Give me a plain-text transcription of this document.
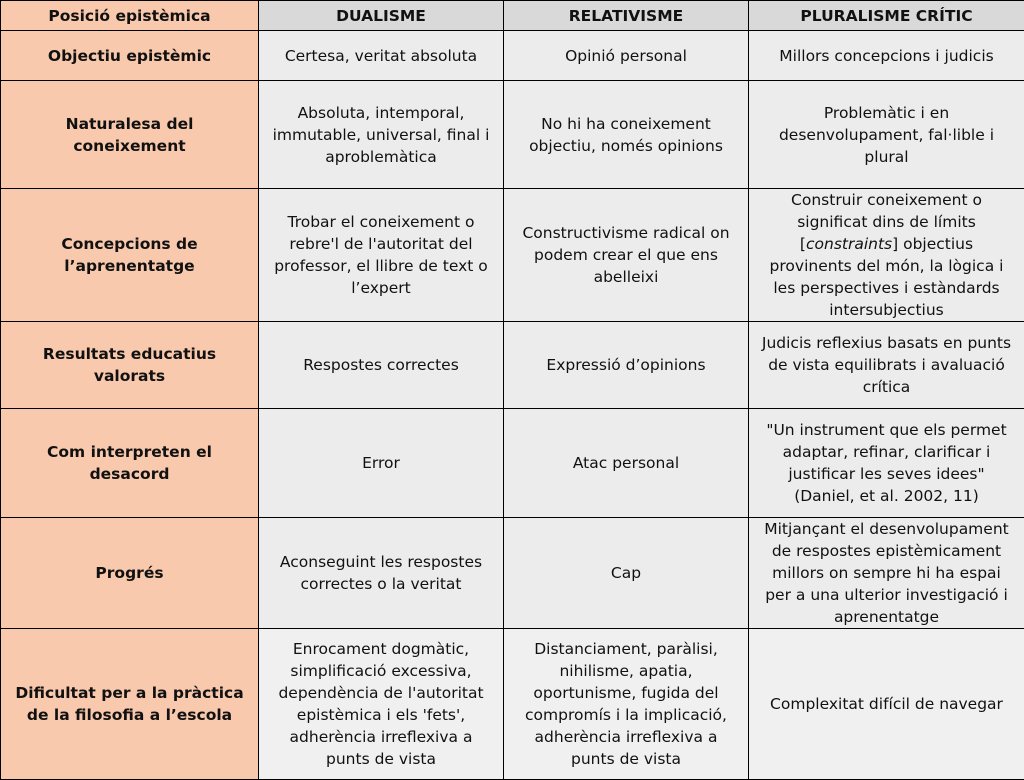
Posició epistèmica	DUALISME	RELATIVISME	PLURALISME CRÍTIC
Objectiu epistèmic	Certesa, veritat absoluta	Opinió personal	Millors concepcions i judicis
Naturalesa del coneixement	Absoluta, intemporal, immutable, universal, final i aproblemàtica	No hi ha coneixement objectiu, només opinions	Problemàtic i en desenvolupament, fal·lible i plural
Concepcions de l’aprenentatge	Trobar el coneixement o rebre'l de l'autoritat del professor, el llibre de text o l’expert	Constructivisme radical on podem crear el que ens abelleixi	Construir coneixement o significat dins de límits [constraints] objectius provinents del món, la lògica i les perspectives i estàndards intersubjectius
Resultats educatius valorats	Respostes correctes	Expressió d’opinions	Judicis reflexius basats en punts de vista equilibrats i avaluació crítica
Com interpreten el desacord	Error	Atac personal	"Un instrument que els permet adaptar, refinar, clarificar i justificar les seves idees" (Daniel, et al. 2002, 11)
Progrés	Aconseguint les respostes correctes o la veritat	Cap	Mitjançant el desenvolupament de respostes epistèmicament millors on sempre hi ha espai per a una ulterior investigació i aprenentatge
Dificultat per a la pràctica de la filosofia a l’escola	Enrocament dogmàtic, simplificació excessiva, dependència de l'autoritat epistèmica i els 'fets', adherència irreflexiva a punts de vista	Distanciament, paràlisi, nihilisme, apatia, oportunisme, fugida del compromís i la implicació, adherència irreflexiva a punts de vista	Complexitat difícil de navegar
